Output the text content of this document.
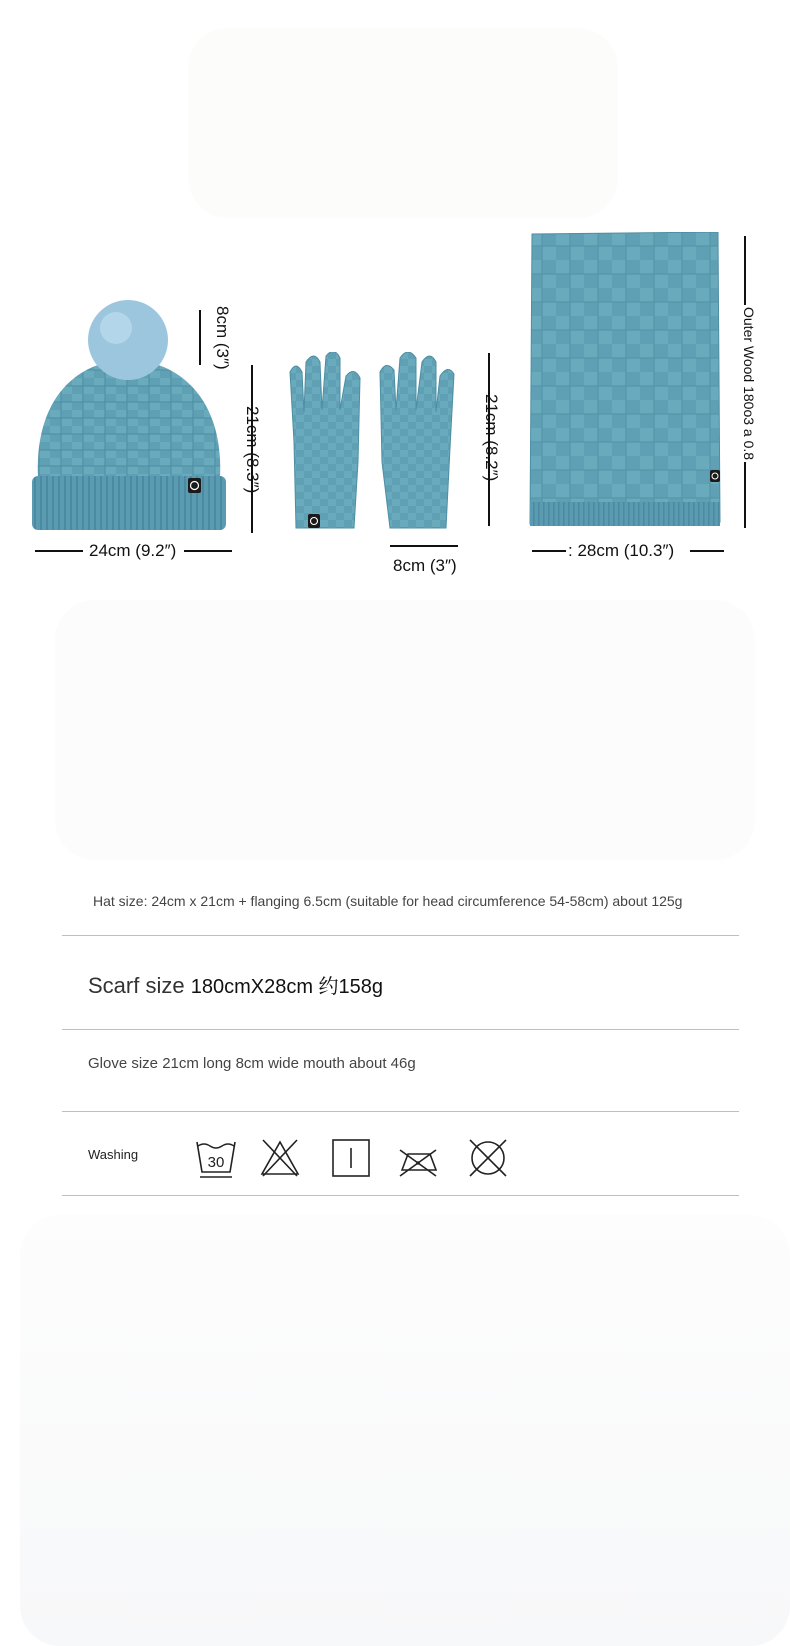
8cm (3″)
21cm (8.3″)
24cm (9.2″)
21cm (8.2″)
8cm (3″)
Outer Wood 180o3 a 0.8
: 28cm (10.3″)
Hat size: 24cm x 21cm + flanging 6.5cm (suitable for head circumference 54-58cm) about 125g
Scarf size 180cmX28cm 约158g
Glove size 21cm long 8cm wide mouth about 46g
Washing	30
